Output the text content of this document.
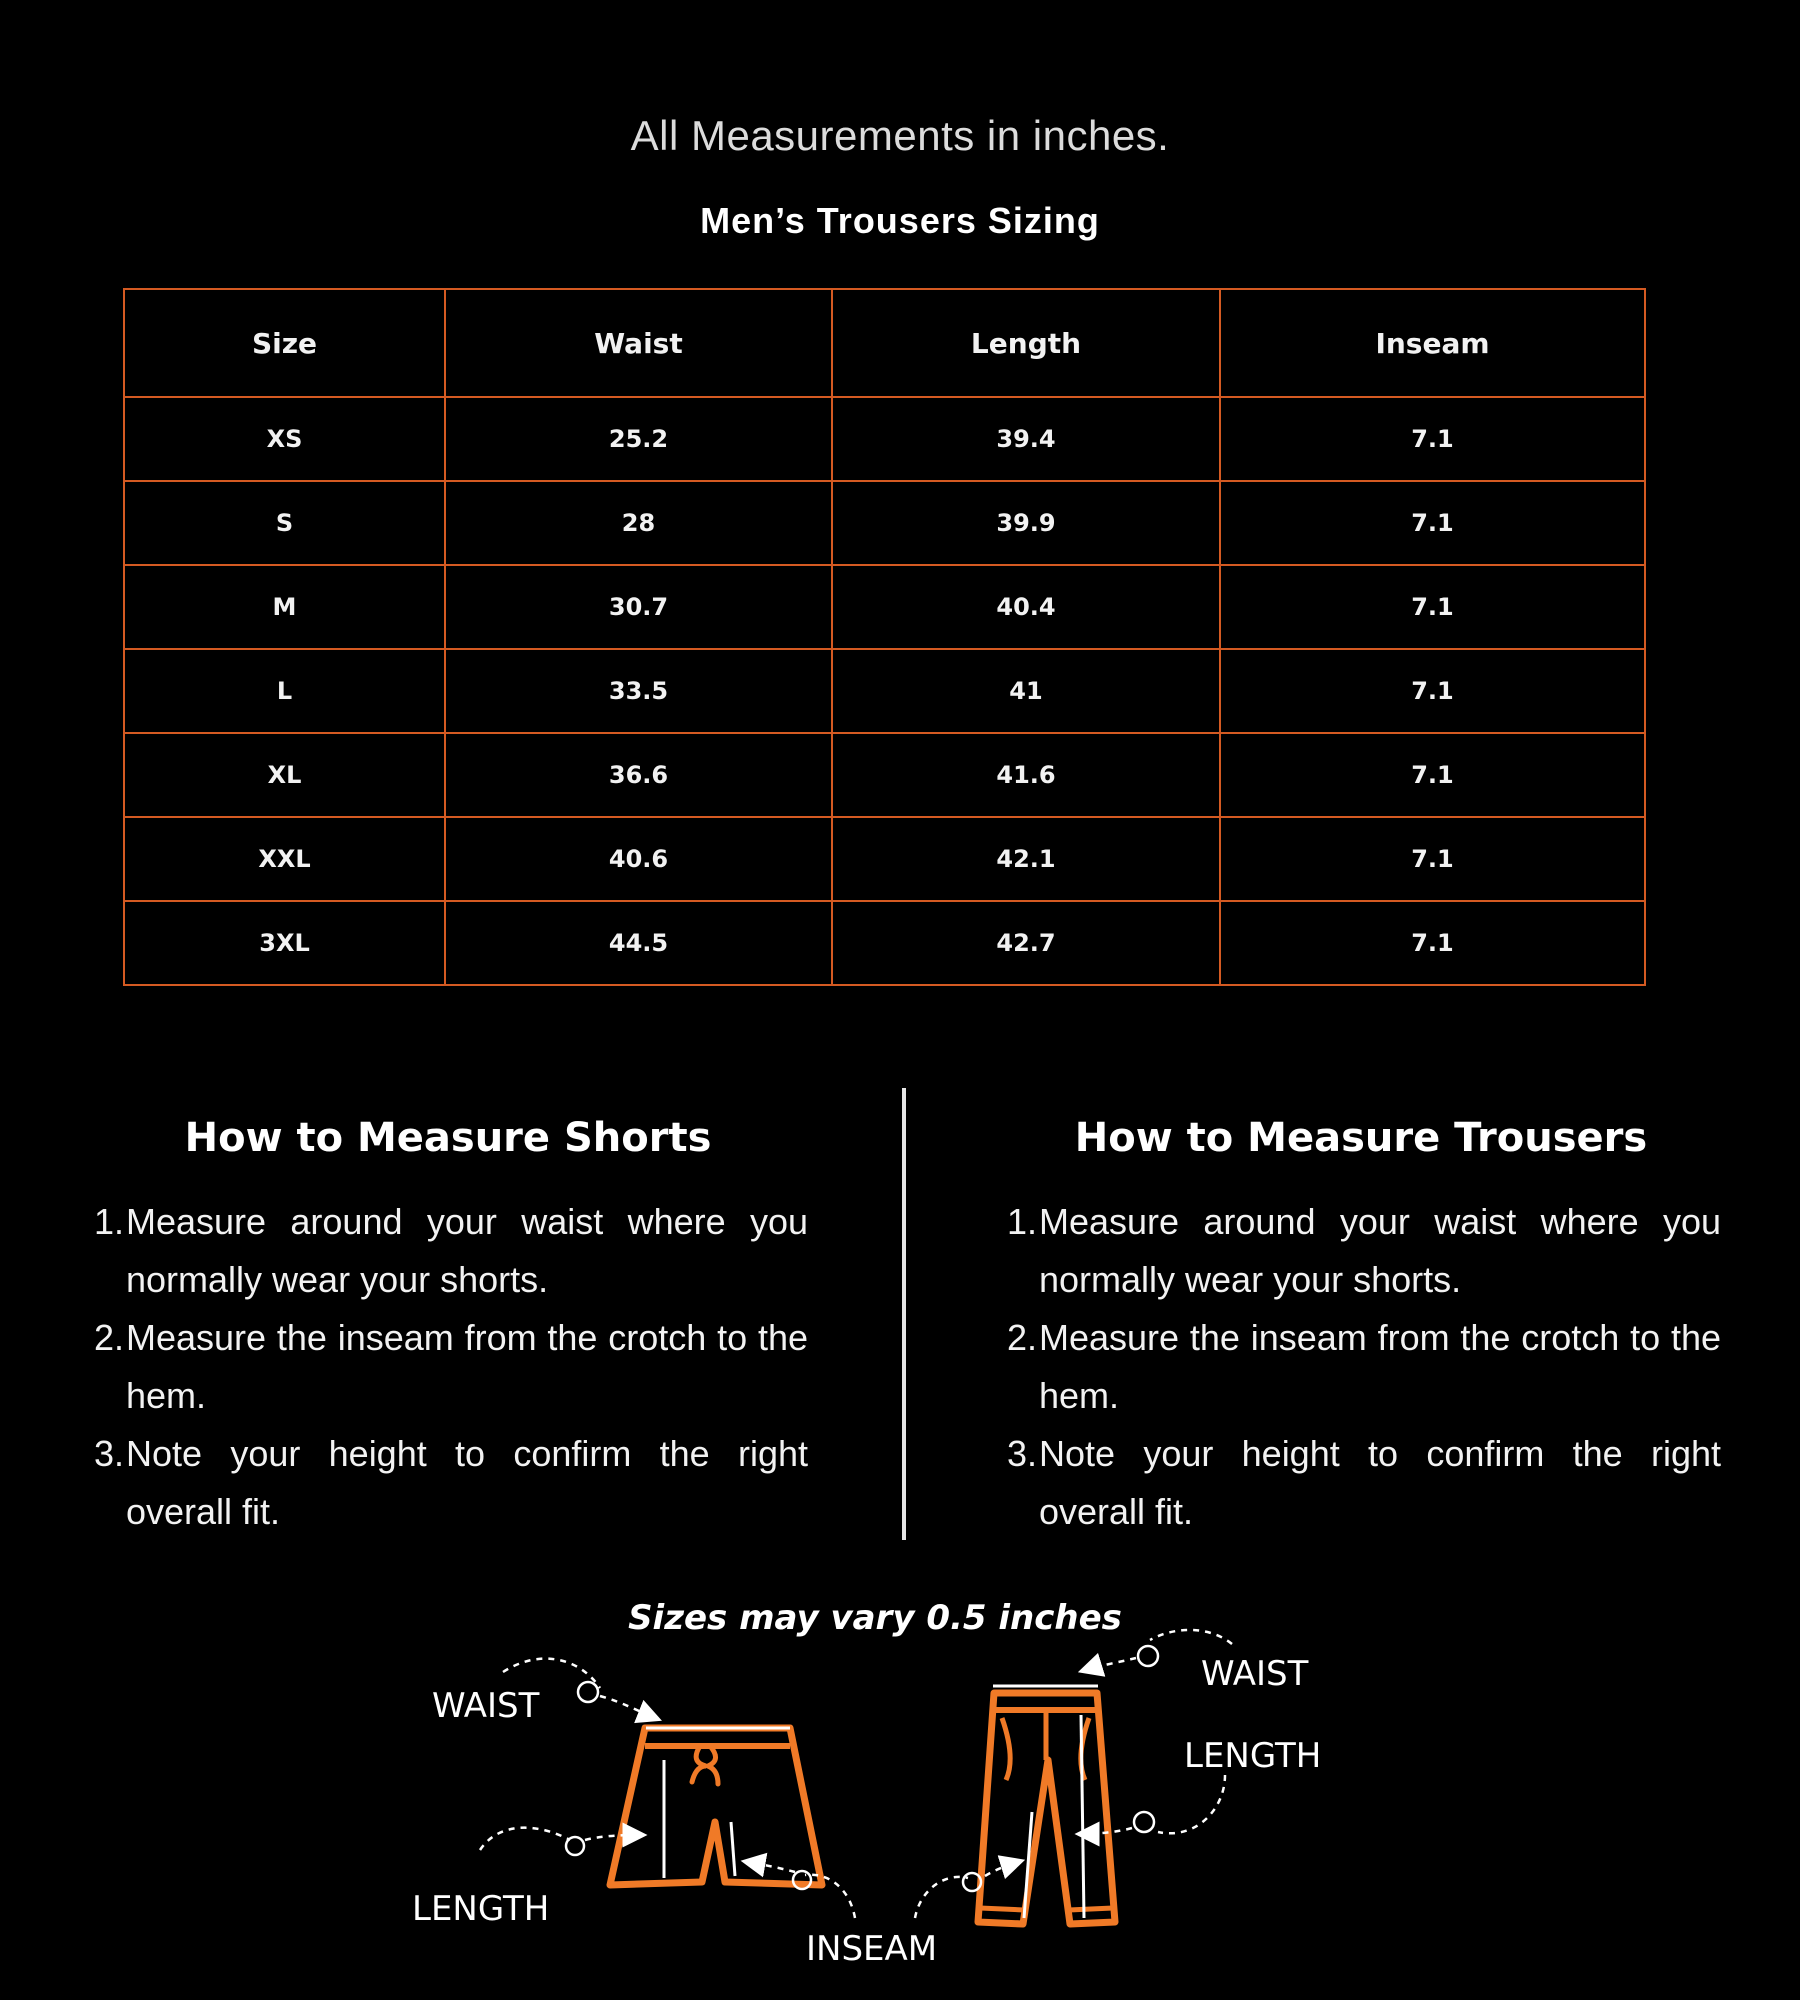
All Measurements in inches.
Men’s Trousers Sizing
Size	Waist	Length	Inseam
XS	25.2	39.4	7.1
S	28	39.9	7.1
M	30.7	40.4	7.1
L	33.5	41	7.1
XL	36.6	41.6	7.1
XXL	40.6	42.1	7.1
3XL	44.5	42.7	7.1
How to Measure Shorts
1. Measure around your waist where you normally wear your shorts.
2. Measure the inseam from the crotch to the hem.
3. Note your height to confirm the right overall fit.
How to Measure Trousers
1. Measure around your waist where you normally wear your shorts.
2. Measure the inseam from the crotch to the hem.
3. Note your height to confirm the right overall fit.
Sizes may vary 0.5 inches
WAIST
LENGTH
INSEAM
WAIST
LENGTH
